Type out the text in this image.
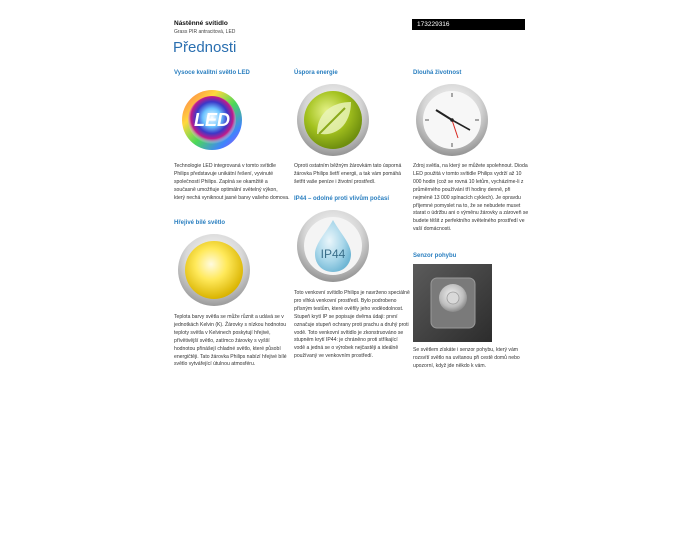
Nástěnné svítidlo
Grass PIR antracitová, LED
173229316
Přednosti
Vysoce kvalitní světlo LED
LED
Technologie LED integrovaná v tomto svítidle Philips představuje unikátní řešení, vyvinuté společností Philips. Zapíná se okamžitě a současně umožňuje optimální světelný výkon, který nechá vyniknout jasné barvy vašeho domova.
Hřejivé bílé světlo
Teplota barvy světla se může různit a udává se v jednotkách Kelvin (K). Žárovky s nízkou hodnotou teploty světla v Kelvinech poskytují hřejivé, přívětivější světlo, zatímco žárovky s vyšší hodnotou přinášejí chladné světlo, které působí energičtěji. Tato žárovka Philips nabízí hřejivé bílé světlo vytvářející útulnou atmosféru.
Úspora energie
Oproti ostatním běžným žárovkám tato úsporná žárovka Philips šetří energii, a tak vám pomáhá šetřit vaše peníze i životní prostředí.
IP44 – odolné proti vlivům počasí
IP44
Toto venkovní svítidlo Philips je navrženo speciálně pro vlhká venkovní prostředí. Bylo podrobeno přísným testům, které ověřily jeho voděodolnost. Stupeň krytí IP se popisuje dvěma údaji: první označuje stupeň ochrany proti prachu a druhý proti vodě. Toto venkovní svítidlo je zkonstruováno se stupněm krytí IP44: je chráněno proti stříkající vodě a jedná se o výrobek nejčastěji a ideálně používaný ve venkovním prostředí.
Dlouhá životnost
Zdroj světla, na který se můžete spolehnout. Dioda LED použitá v tomto svítidle Philips vydrží až 10 000 hodin (což se rovná 10 letům, vycházíme-li z průměrného používání tří hodiny denně, při nejméně 13 000 spínacích cyklech). Je opravdu příjemné pomyslet na to, že se nebudete muset starat o údržbu ani o výměnu žárovky a zároveň se budete těšit z perfektního světelného prostředí ve vaší domácnosti.
Senzor pohybu
Se světlem získáte i senzor pohybu, který vám rozsvítí světlo na uvítanou při cestě domů nebo upozorní, když jde někdo k vám.
